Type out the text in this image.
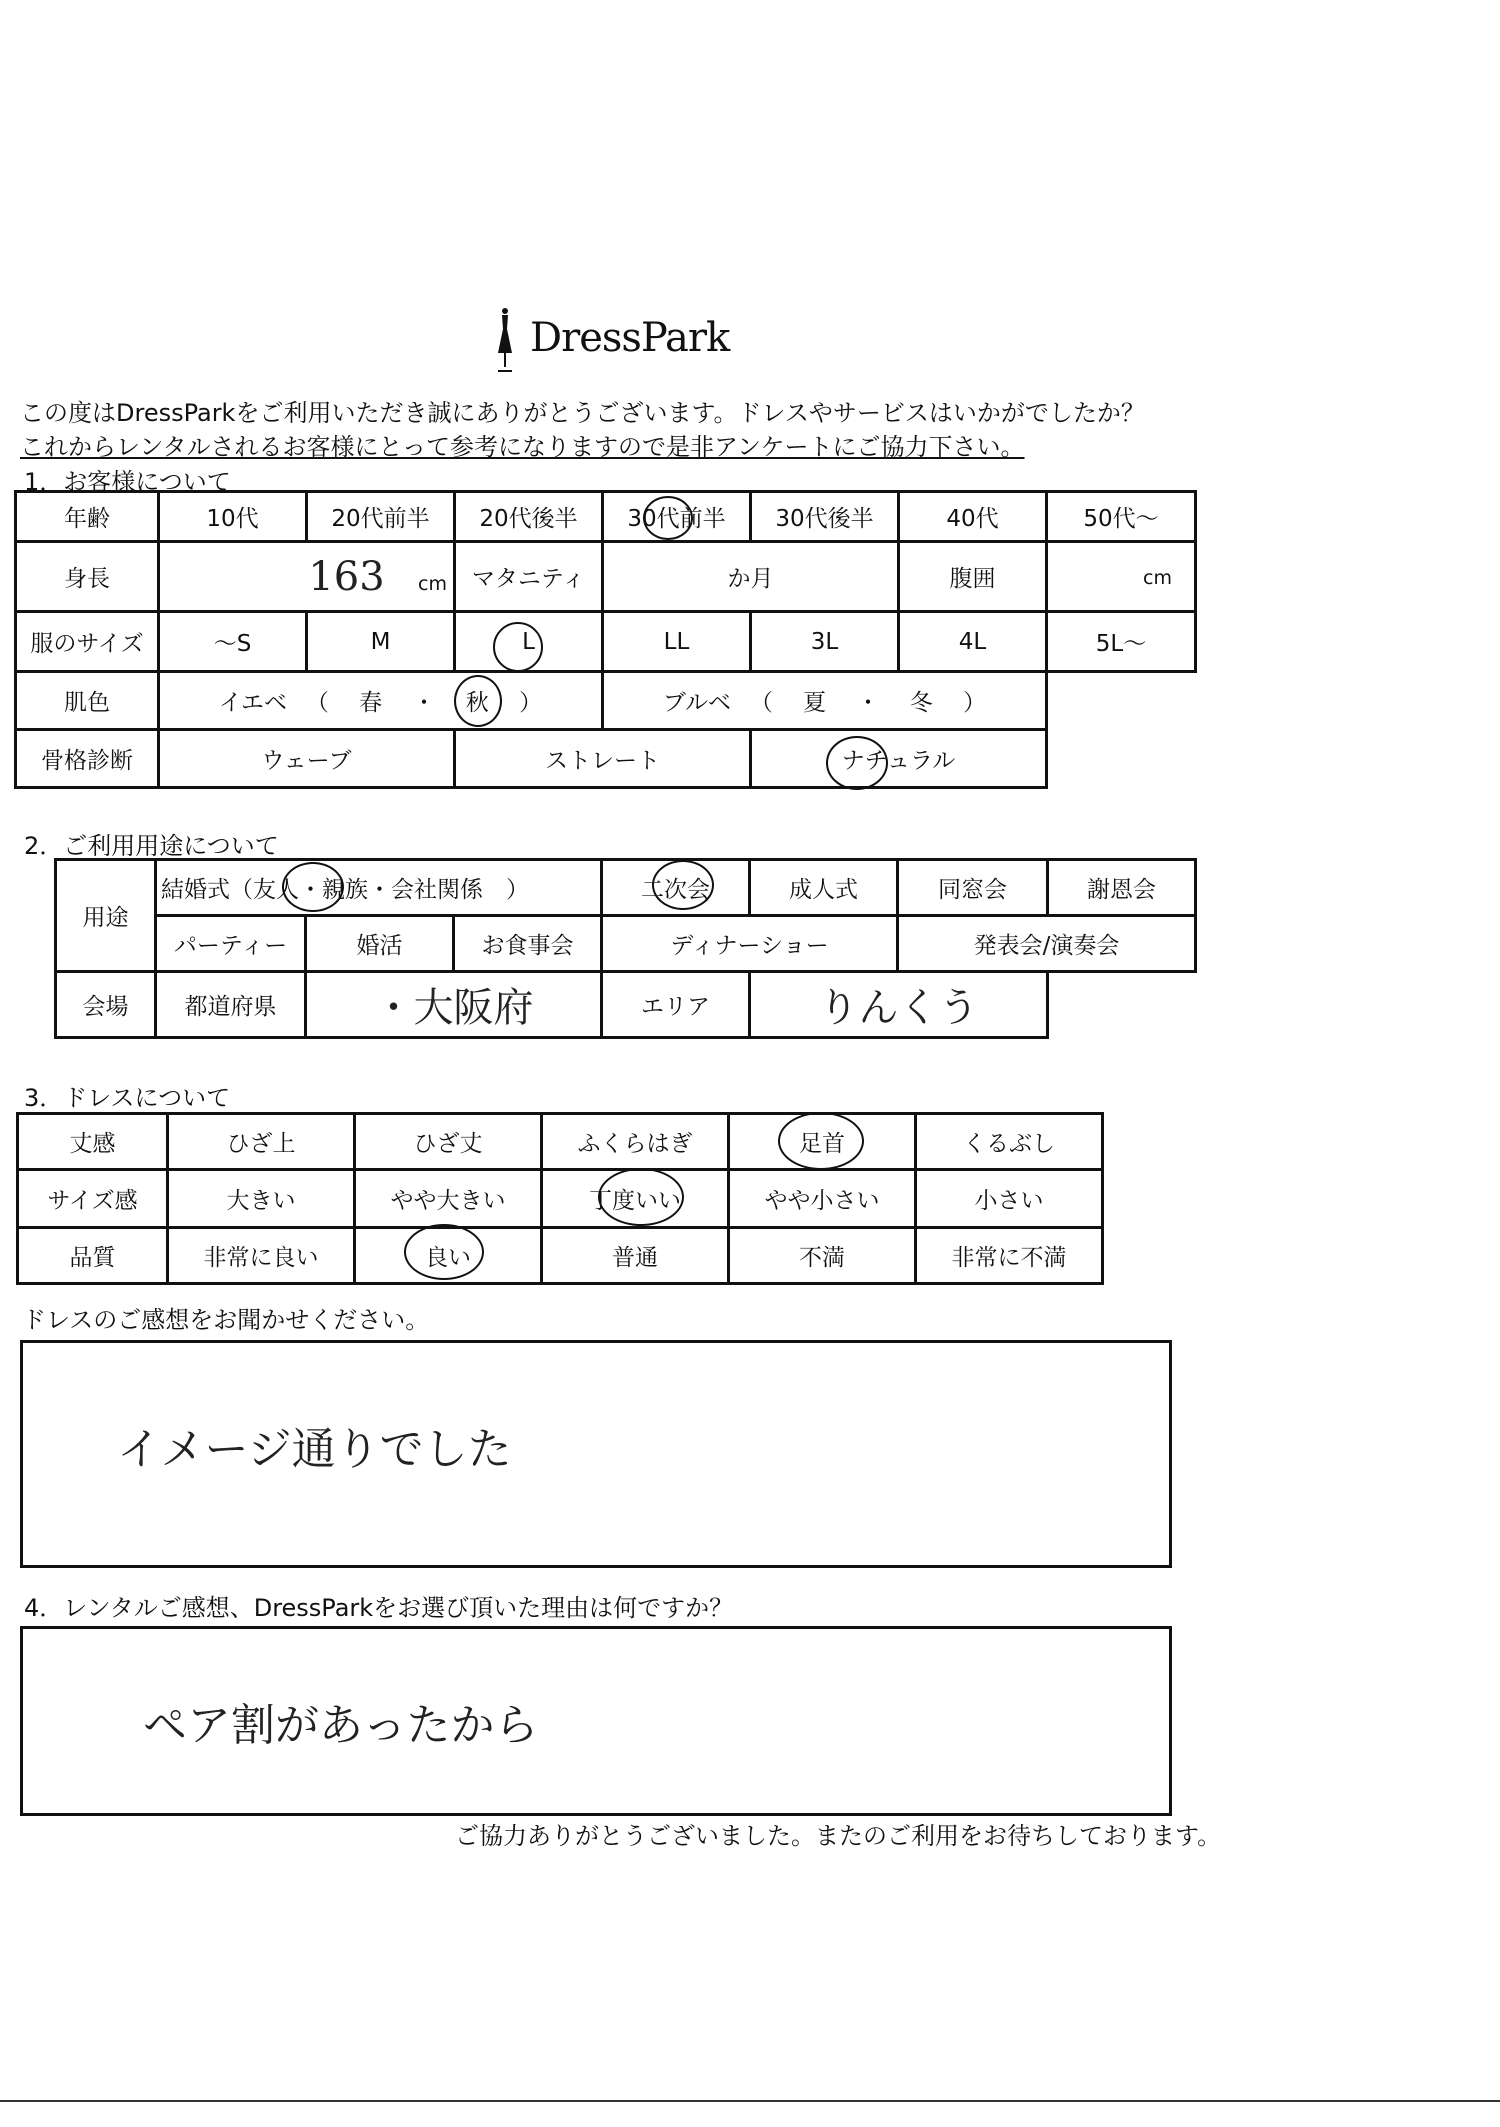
DressPark
この度はDressParkをご利用いただき誠にありがとうございます。ドレスやサービスはいかがでしたか？
これからレンタルされるお客様にとって参考になりますので是非アンケートにご協力下さい。
1．お客様について
年齢	10代	20代前半	20代後半	30代前半	30代後半	40代	50代～
身長	163 cm		マタニティ	か月		腹囲	cm
服のサイズ	～S	M	L	LL	3L	4L	5L～
肌色	イエベ 　（　 春 　・　 秋 　）			ブルベ 　（　 夏 　・　 冬 　）			
骨格診断	ウェーブ		ストレート		ナチュラル		
2．ご利用用途について
用途	結婚式（友人・親族・会社関係　）			二次会	成人式	同窓会	謝恩会
	パーティー	婚活	お食事会	ディナーショー		発表会/演奏会	
会場	都道府県	・大阪府		エリア	りんくう		
3．ドレスについて
丈感	ひざ上	ひざ丈	ふくらはぎ	足首	くるぶし
サイズ感	大きい	やや大きい	丁度いい	やや小さい	小さい
品質	非常に良い	良い	普通	不満	非常に不満
ドレスのご感想をお聞かせください。
イメージ通りでした
4．レンタルご感想、DressParkをお選び頂いた理由は何ですか？
ペア割があったから
ご協力ありがとうございました。またのご利用をお待ちしております。
